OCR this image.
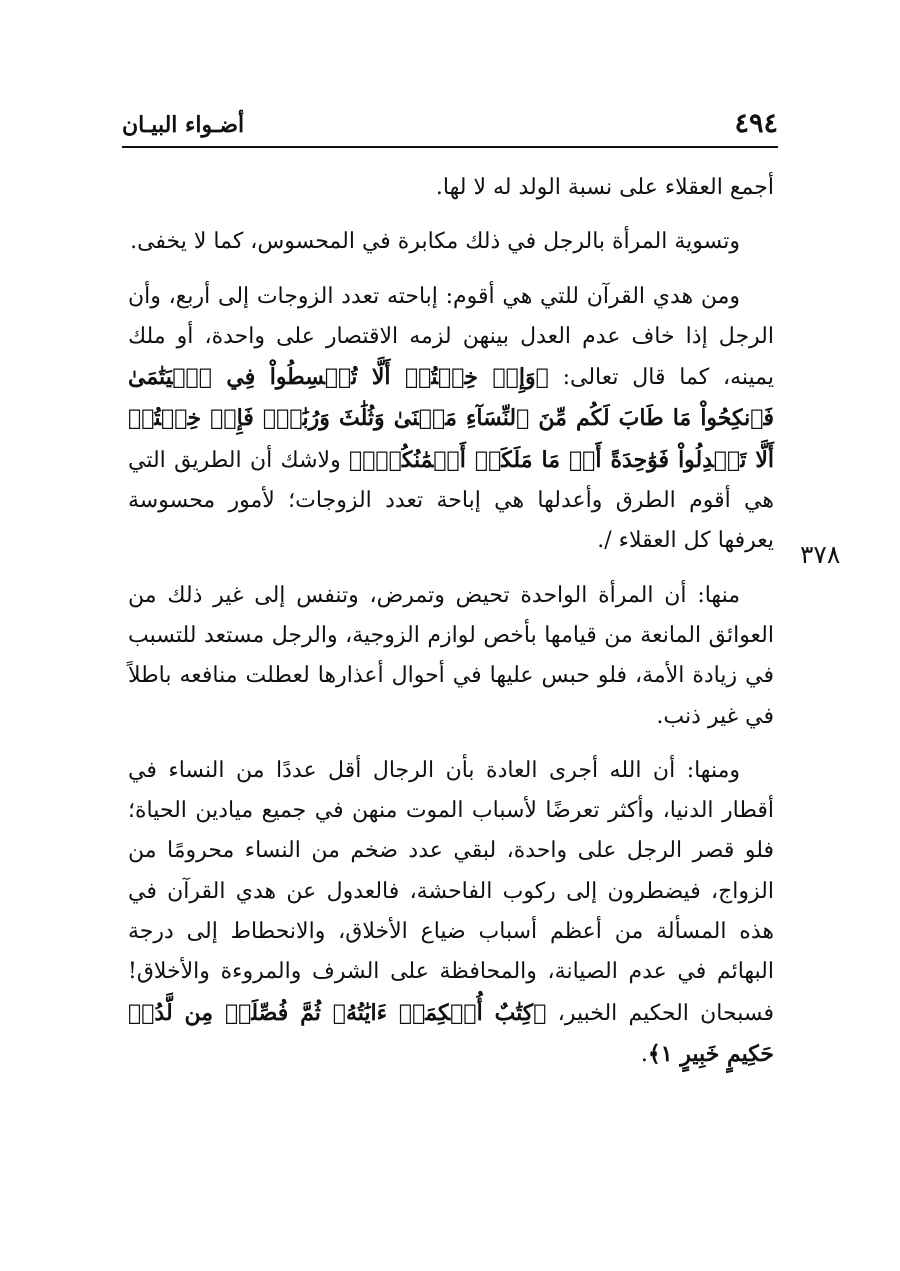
٤٩٤
أضـواء البيـان
٣٧٨

أجمع العقلاء على نسبة الولد له لا لها.

وتسوية المرأة بالرجل في ذلك مكابرة في المحسوس، كما لا يخفى.

ومن هدي القرآن للتي هي أقوم: إباحته تعدد الزوجات إلى أربع، وأن الرجل إذا خاف عدم العدل بينهن لزمه الاقتصار على واحدة، أو ملك يمينه، كما قال تعالى: ﴿وَإِنۡ خِفۡتُمۡ أَلَّا تُقۡسِطُواْ فِي ٱلۡيَتَٰمَىٰ فَٱنكِحُواْ مَا طَابَ لَكُم مِّنَ ٱلنِّسَآءِ مَثۡنَىٰ وَثُلَٰثَ وَرُبَٰعَۖ فَإِنۡ خِفۡتُمۡ أَلَّا تَعۡدِلُواْ فَوَٰحِدَةً أَوۡ مَا مَلَكَتۡ أَيۡمَٰنُكُمۡۚ﴾ ولاشك أن الطريق التي هي أقوم الطرق وأعدلها هي إباحة تعدد الزوجات؛ لأمور محسوسة يعرفها كل العقلاء /.

منها: أن المرأة الواحدة تحيض وتمرض، وتنفس إلى غير ذلك من العوائق المانعة من قيامها بأخص لوازم الزوجية، والرجل مستعد للتسبب في زيادة الأمة، فلو حبس عليها في أحوال أعذارها لعطلت منافعه باطلاً في غير ذنب.

ومنها: أن الله أجرى العادة بأن الرجال أقل عددًا من النساء في أقطار الدنيا، وأكثر تعرضًا لأسباب الموت منهن في جميع ميادين الحياة؛ فلو قصر الرجل على واحدة، لبقي عدد ضخم من النساء محرومًا من الزواج، فيضطرون إلى ركوب الفاحشة، فالعدول عن هدي القرآن في هذه المسألة من أعظم أسباب ضياع الأخلاق، والانحطاط إلى درجة البهائم في عدم الصيانة، والمحافظة على الشرف والمروءة والأخلاق! فسبحان الحكيم الخبير، ﴿كِتَٰبٌ أُحۡكِمَتۡ ءَايَٰتُهُۥ ثُمَّ فُصِّلَتۡ مِن لَّدُنۡ حَكِيمٍ خَبِيرٍ ١﴾.
